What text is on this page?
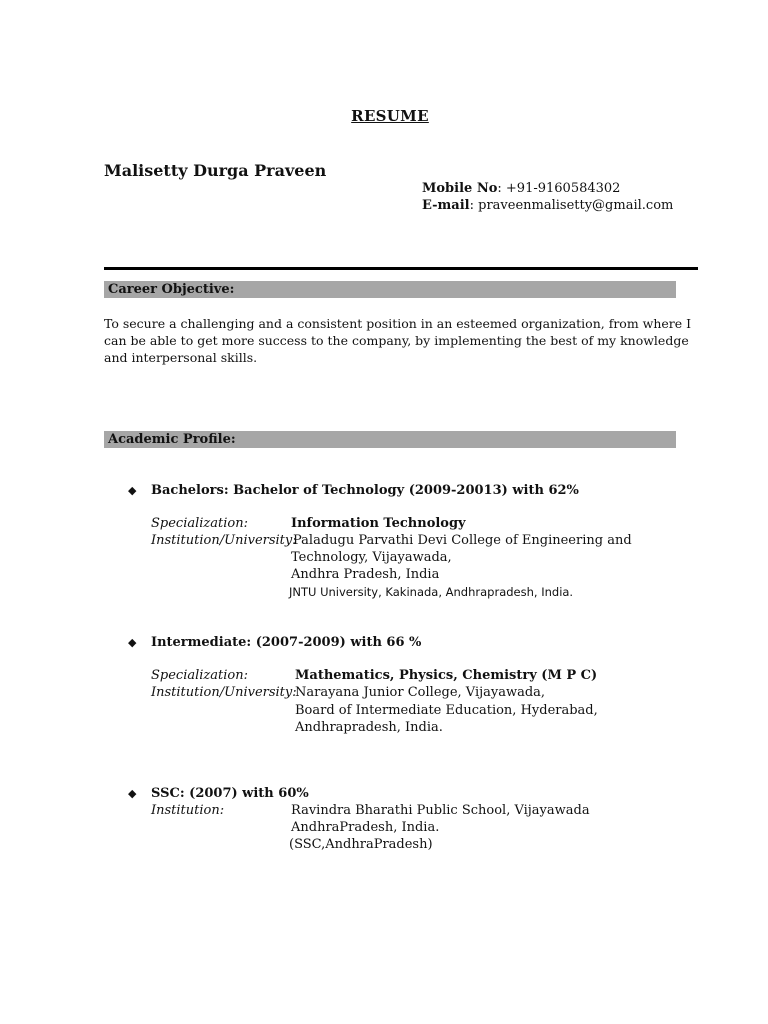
RESUME
Malisetty Durga Praveen
Mobile No: +91-9160584302
E-mail: praveenmalisetty@gmail.com
Career Objective:

To secure a challenging and a consistent position in an esteemed organization, from where I

can be able to get more success to the company, by implementing the best of my knowledge

and interpersonal skills.

Academic Profile:
◆ Bachelors: Bachelor of Technology (2009-20013) with 62%
Specialization:	Information Technology
Institution/University:
Paladugu Parvathi Devi College of Engineering and
Technology, Vijayawada,
Andhra Pradesh, India
JNTU University, Kakinada, Andhrapradesh, India.
◆ Intermediate: (2007-2009) with 66 %
Specialization:	Mathematics, Physics, Chemistry (M P C)
Institution/University:
Narayana Junior College, Vijayawada,
Board of Intermediate Education, Hyderabad,
Andhrapradesh, India.
◆ SSC: (2007) with 60%
Institution:	Ravindra Bharathi Public School, Vijayawada
AndhraPradesh, India.
(SSC,AndhraPradesh)
